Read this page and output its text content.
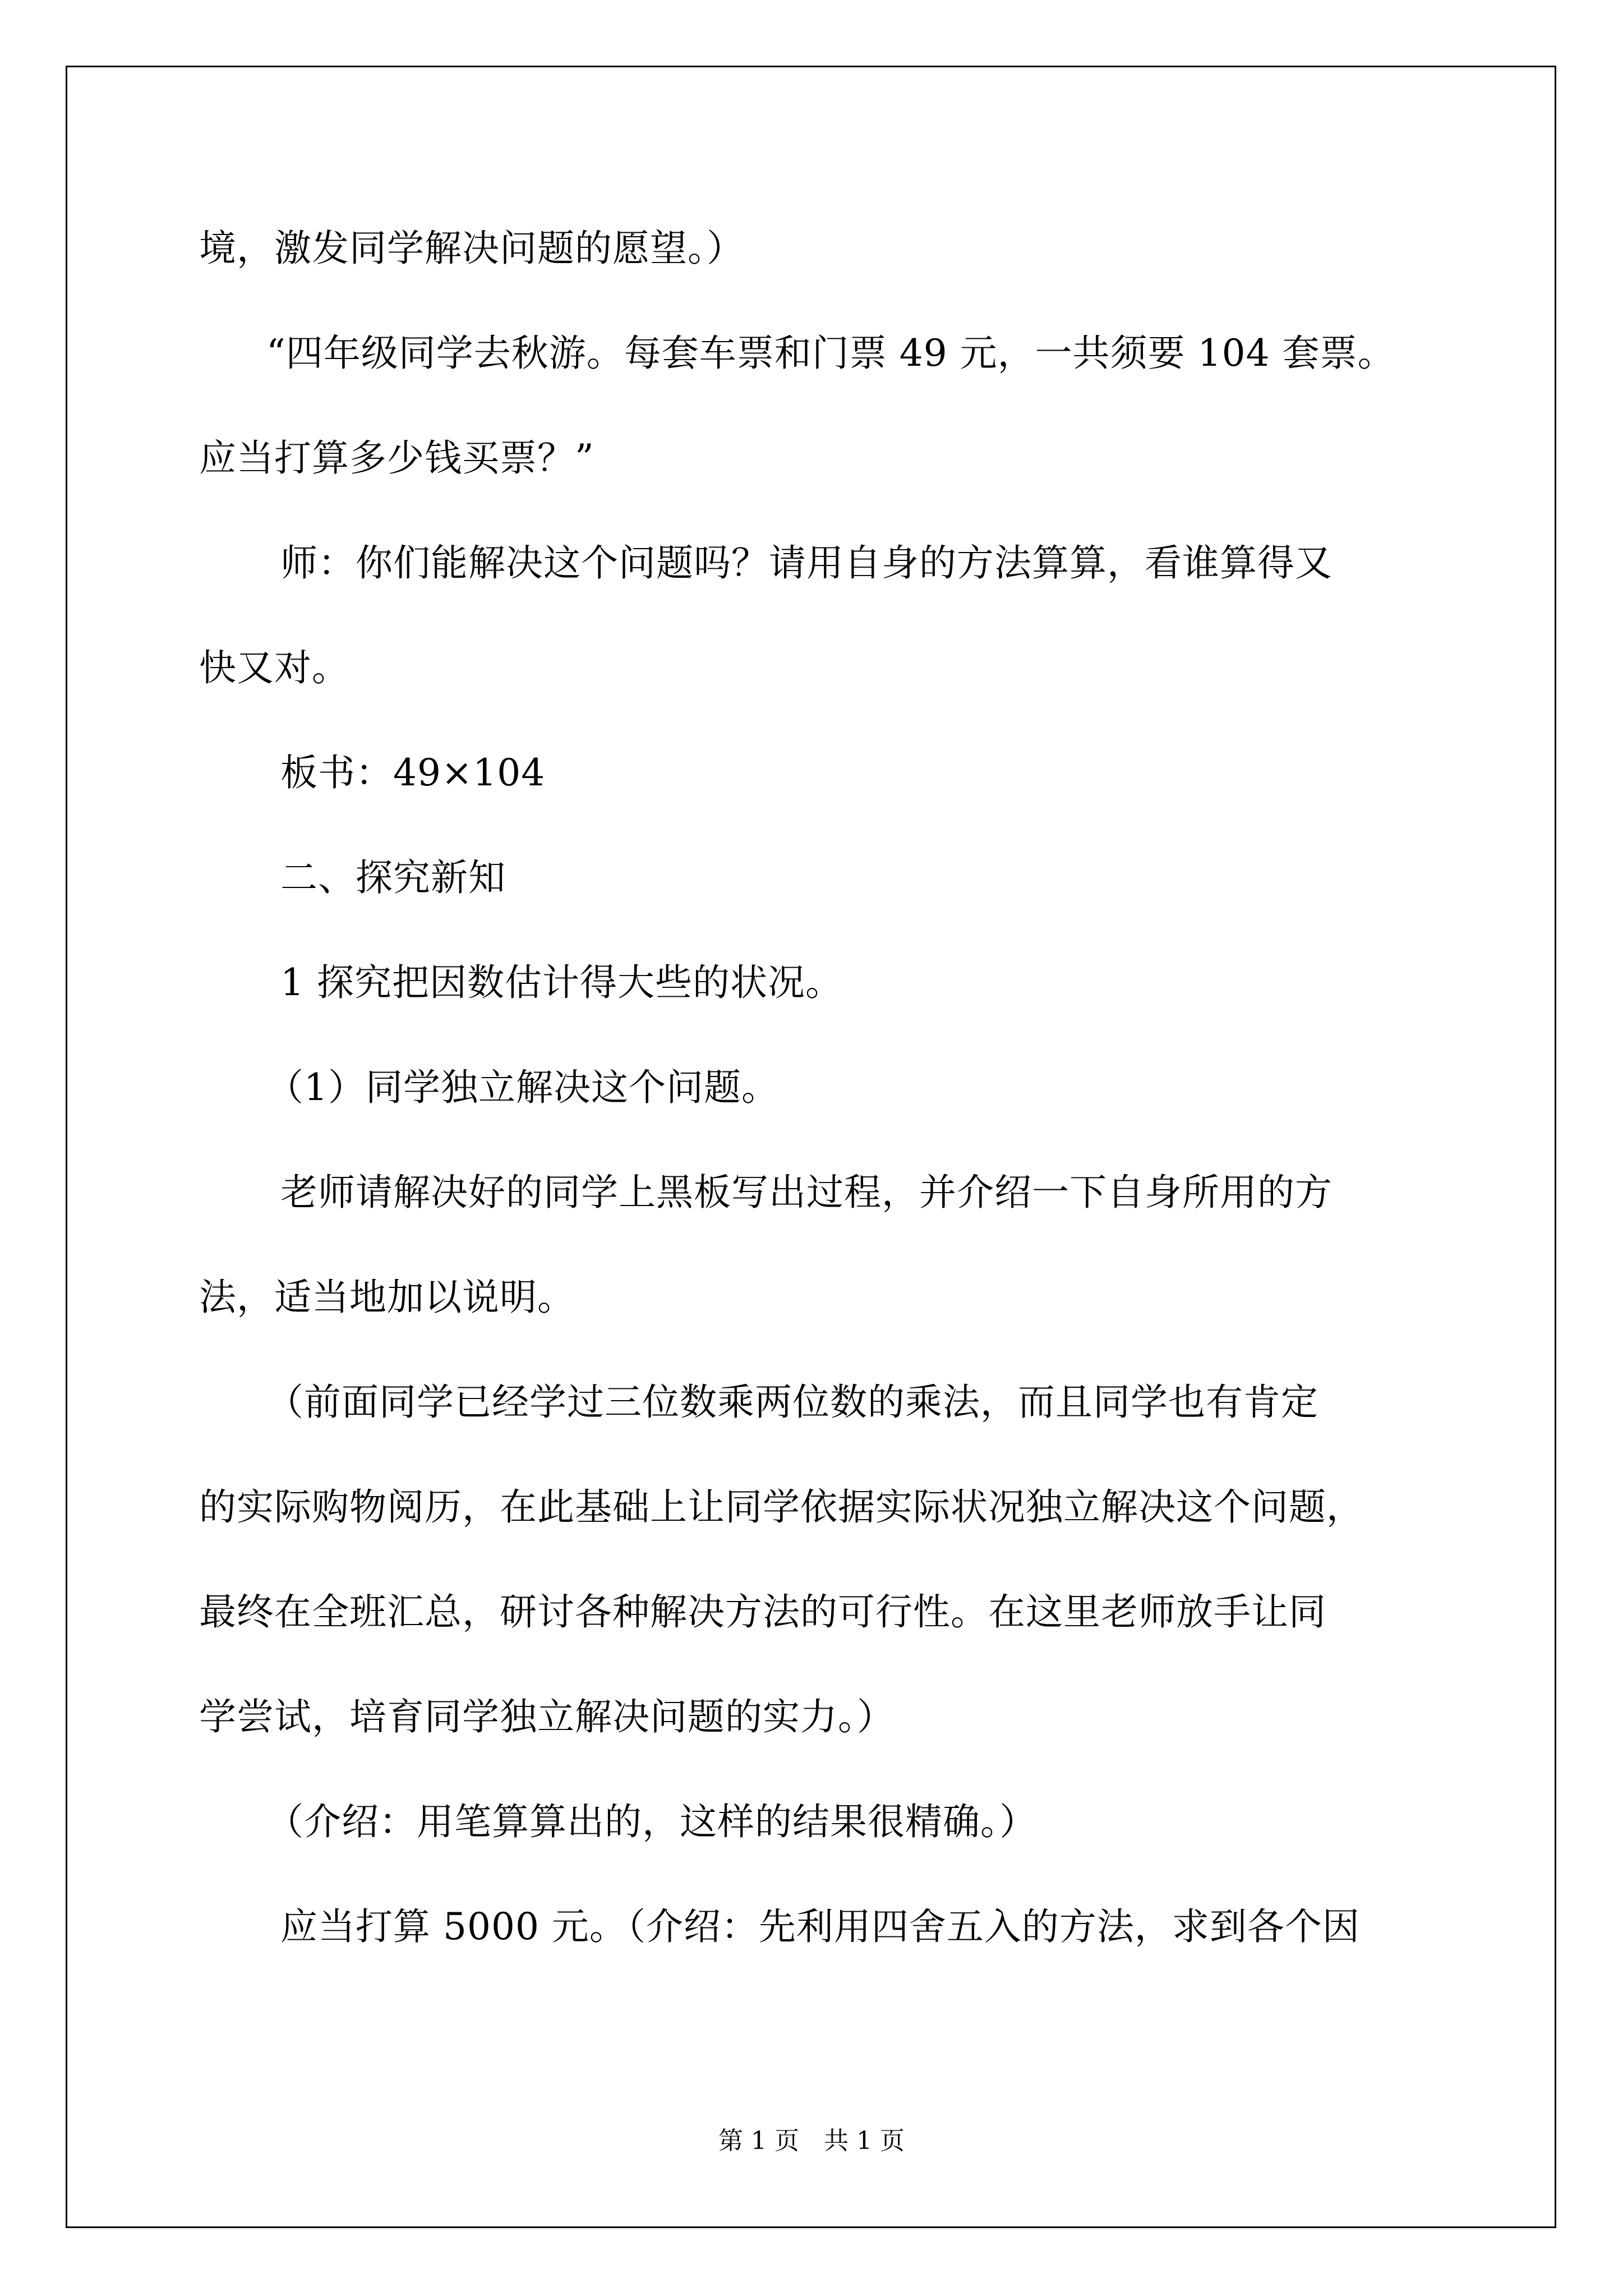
境，激发同学解决问题的愿望。）
“四年级同学去秋游。每套车票和门票 49 元，一共须要 104 套票。
应当打算多少钱买票？”
师：你们能解决这个问题吗？请用自身的方法算算，看谁算得又
快又对。
板书：49×104
二、探究新知
1 探究把因数估计得大些的状况。
（1）同学独立解决这个问题。
老师请解决好的同学上黑板写出过程，并介绍一下自身所用的方
法，适当地加以说明。
（前面同学已经学过三位数乘两位数的乘法，而且同学也有肯定
的实际购物阅历，在此基础上让同学依据实际状况独立解决这个问题，
最终在全班汇总，研讨各种解决方法的可行性。在这里老师放手让同
学尝试，培育同学独立解决问题的实力。）
（介绍：用笔算算出的，这样的结果很精确。）
应当打算 5000 元。（介绍：先利用四舍五入的方法，求到各个因
第 1 页　共 1 页
